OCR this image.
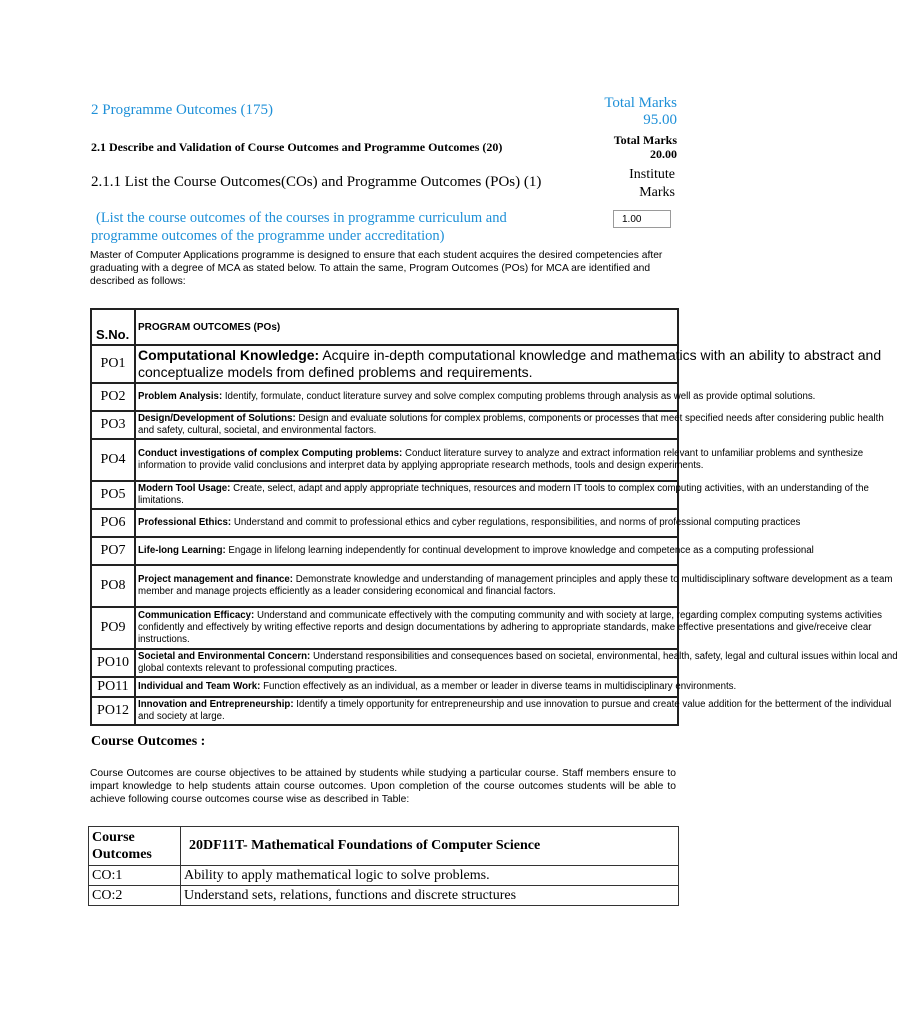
2 Programme Outcomes (175)	Total Marks
95.00
2.1 Describe and Validation of Course Outcomes and Programme Outcomes (20)	Total Marks
20.00
2.1.1 List the Course Outcomes(COs) and Programme Outcomes (POs) (1)	Institute
Marks
1.00
(List the course outcomes of the courses in programme curriculum and
programme outcomes of the programme under accreditation)
Master of Computer Applications programme is designed to ensure that each student acquires the desired competencies after graduating with a degree of MCA as stated below. To attain the same, Program Outcomes (POs) for MCA are identified and described as follows:
S.No.	PROGRAM OUTCOMES (POs)
PO1	Computational Knowledge: Acquire in-depth computational knowledge and mathematics with an ability to abstract and conceptualize models from defined problems and requirements.

PO2	Problem Analysis: Identify, formulate, conduct literature survey and solve complex computing problems through analysis as well as provide optimal solutions.

PO3	Design/Development of Solutions: Design and evaluate solutions for complex problems, components or processes that meet specified needs after considering public health and safety, cultural, societal, and environmental factors.

PO4	Conduct investigations of complex Computing problems: Conduct literature survey to analyze and extract information relevant to unfamiliar problems and synthesize information to provide valid conclusions and interpret data by applying appropriate research methods, tools and design experiments.

PO5	Modern Tool Usage: Create, select, adapt and apply appropriate techniques, resources and modern IT tools to complex computing activities, with an understanding of the limitations.

PO6	Professional Ethics: Understand and commit to professional ethics and cyber regulations, responsibilities, and norms of professional computing practices

PO7	Life-long Learning: Engage in lifelong learning independently for continual development to improve knowledge and competence as a computing professional

PO8	Project management and finance: Demonstrate knowledge and understanding of management principles and apply these to multidisciplinary software development as a team member and manage projects efficiently as a leader considering economical and financial factors.

PO9	Communication Efficacy: Understand and communicate effectively with the computing community and with society at large, regarding complex computing systems activities confidently and effectively by writing effective reports and design documentations by adhering to appropriate standards, make effective presentations and give/receive clear instructions.

PO10	Societal and Environmental Concern: Understand responsibilities and consequences based on societal, environmental, health, safety, legal and cultural issues within local and global contexts relevant to professional computing practices.

PO11	Individual and Team Work: Function effectively as an individual, as a member or leader in diverse teams in multidisciplinary environments.

PO12	Innovation and Entrepreneurship: Identify a timely opportunity for entrepreneurship and use innovation to pursue and create value addition for the betterment of the individual and society at large.
Course Outcomes :
Course Outcomes are course objectives to be attained by students while studying a particular course. Staff members ensure to impart knowledge to help students attain course outcomes. Upon completion of the course outcomes students will be able to achieve following course outcomes course wise as described in Table:
Course
Outcomes	20DF11T- Mathematical Foundations of Computer Science
CO:1	Ability to apply mathematical logic to solve problems.
CO:2	Understand sets, relations, functions and discrete structures
